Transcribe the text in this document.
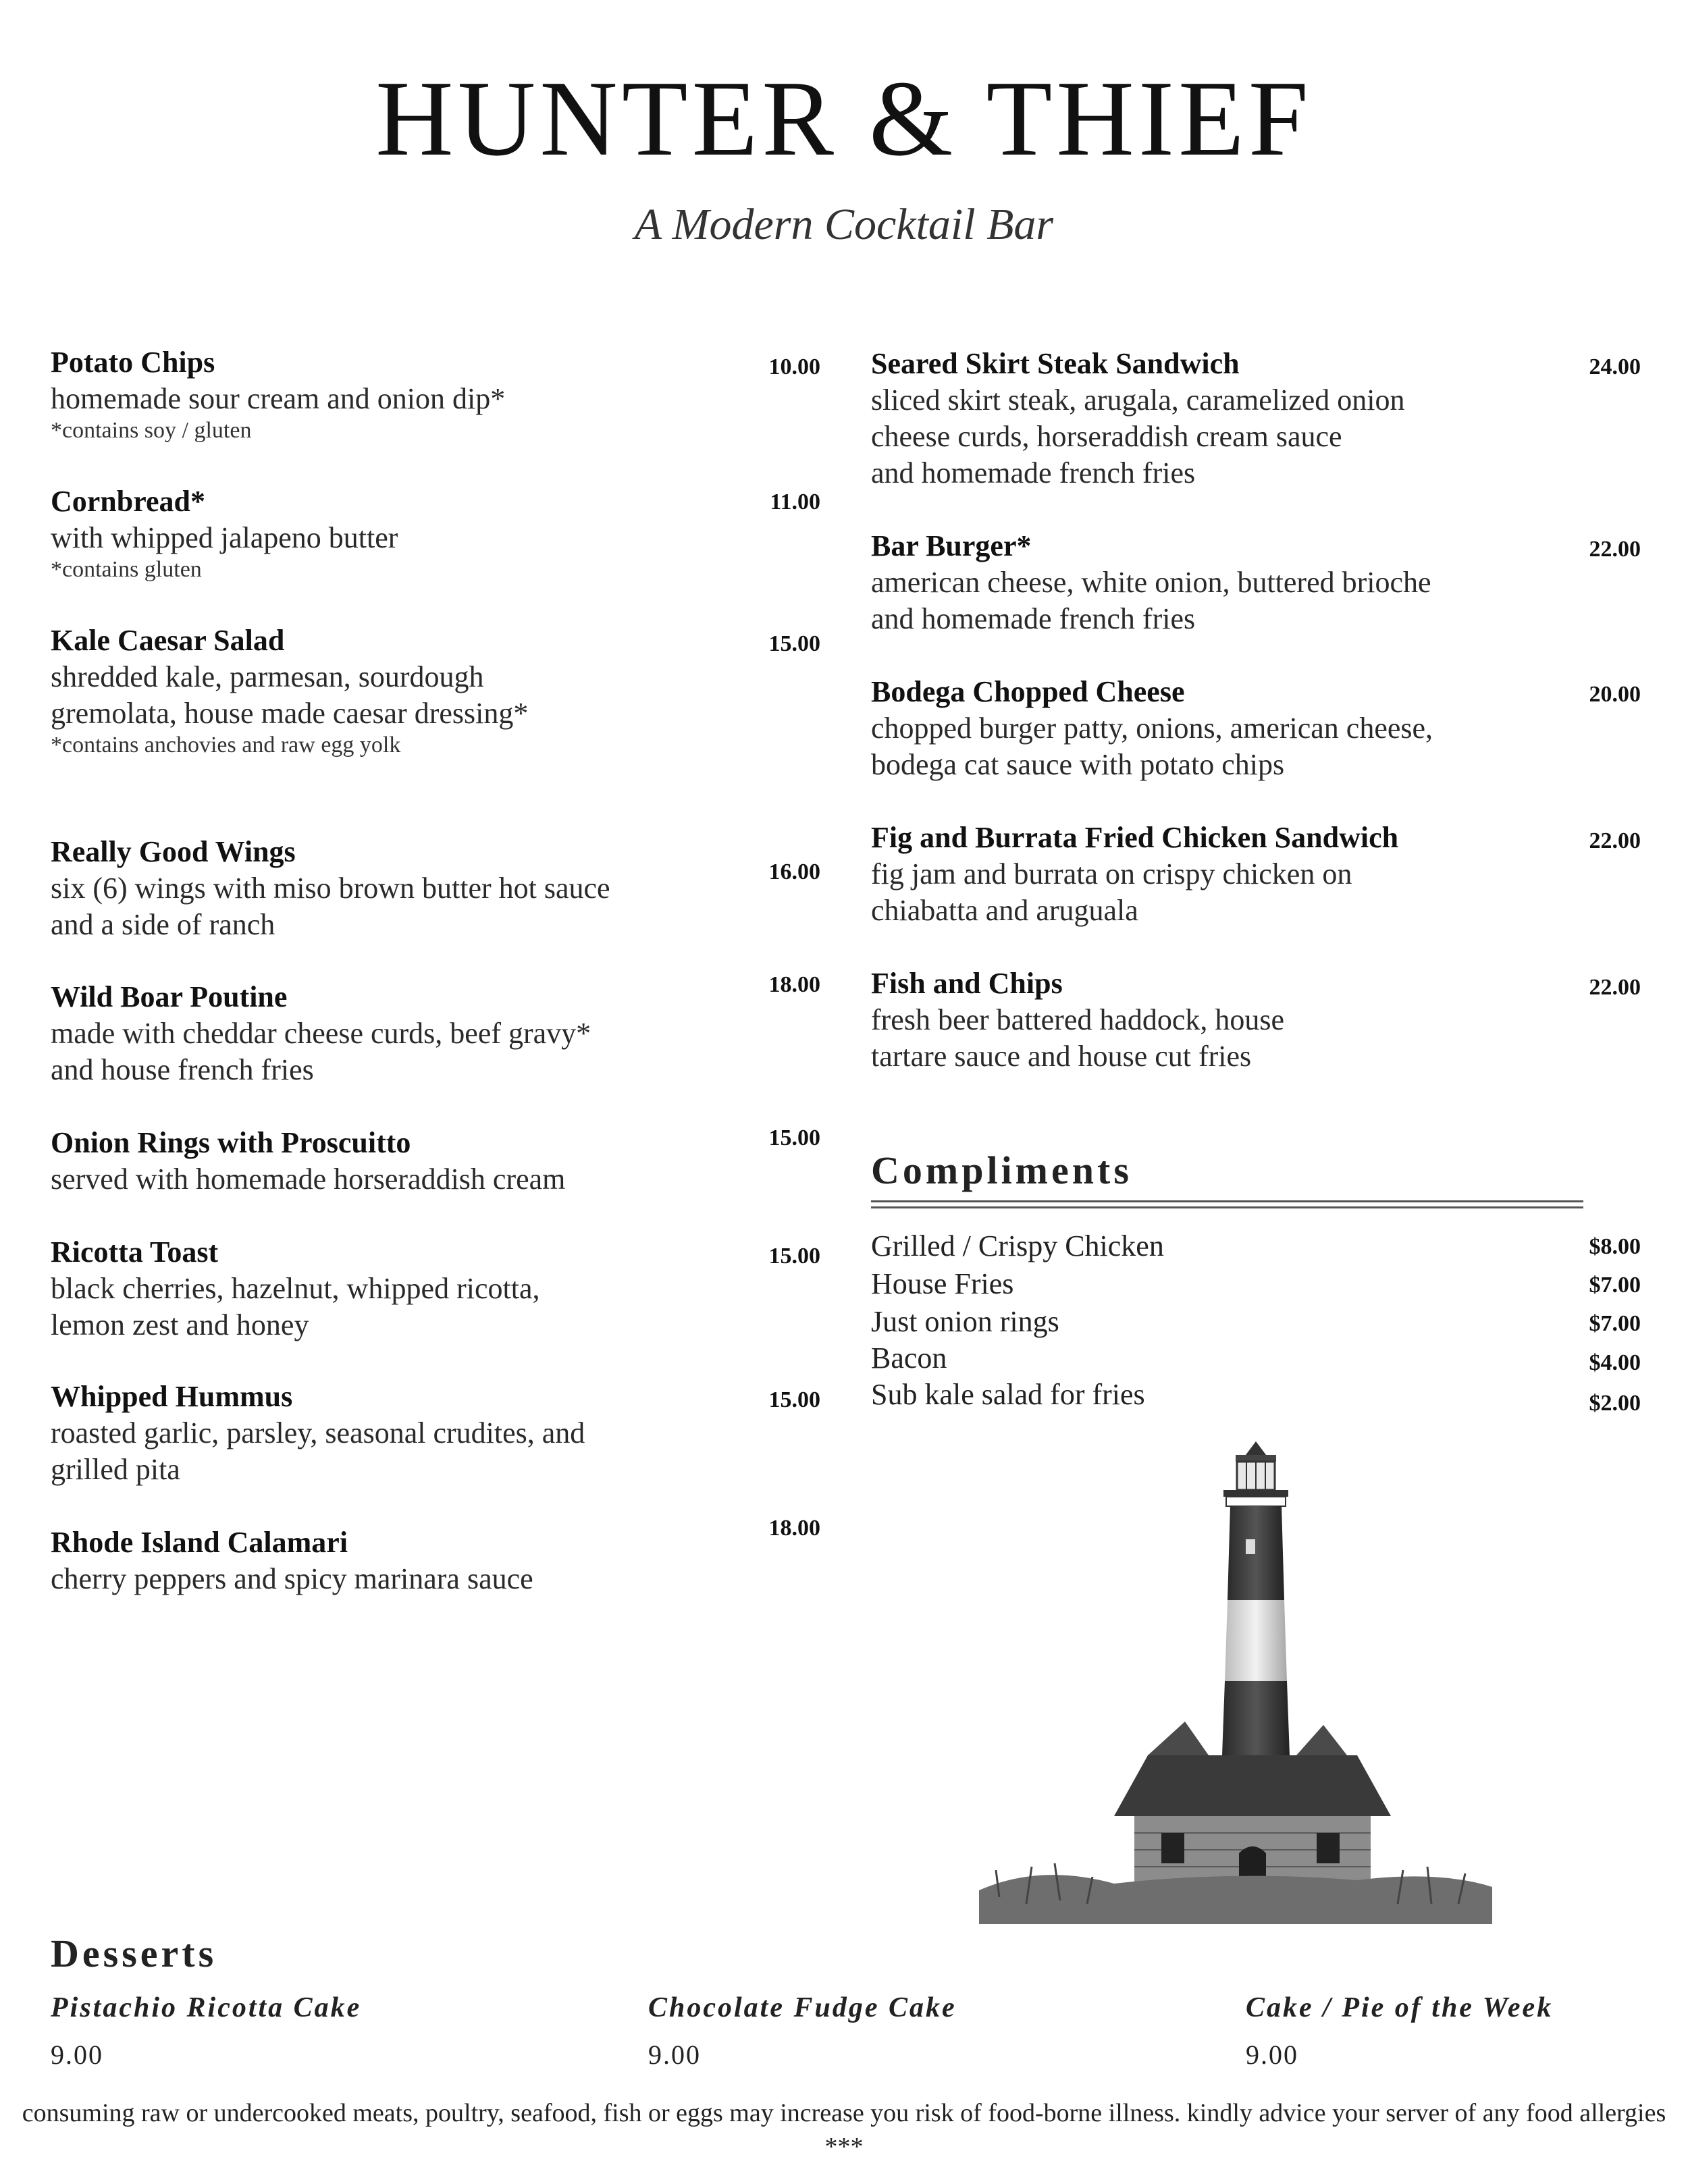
HUNTER & THIEF
A Modern Cocktail Bar
Potato Chips
homemade sour cream and onion dip*
*contains soy / gluten
10.00
Cornbread*
with whipped jalapeno butter
*contains gluten
11.00
Kale Caesar Salad
shredded kale, parmesan, sourdough
gremolata, house made caesar dressing*
*contains anchovies and raw egg yolk
15.00
Really Good Wings
six (6) wings with miso brown butter hot sauce
and a side of ranch
16.00
Wild Boar Poutine
made with cheddar cheese curds, beef gravy*
and house french fries
18.00
Onion Rings with Proscuitto
served with homemade horseraddish cream
15.00
Ricotta Toast
black cherries, hazelnut, whipped ricotta,
lemon zest and honey
15.00
Whipped Hummus
roasted garlic, parsley, seasonal crudites, and
grilled pita
15.00
Rhode Island Calamari
cherry peppers and spicy marinara sauce
18.00
Seared Skirt Steak Sandwich
sliced skirt steak, arugala, caramelized onion
cheese curds, horseraddish cream sauce
and homemade french fries
24.00
Bar Burger*
american cheese, white onion, buttered brioche
and homemade french fries
22.00
Bodega Chopped Cheese
chopped burger patty, onions, american cheese,
bodega cat sauce with potato chips
20.00
Fig and Burrata Fried Chicken Sandwich
fig jam and burrata on crispy chicken on
chiabatta and aruguala
22.00
Fish and Chips
fresh beer battered haddock, house
tartare sauce and house cut fries
22.00
Compliments
Grilled / Crispy Chicken	$8.00
House Fries	$7.00
Just onion rings	$7.00
Bacon	$4.00
Sub kale salad for fries	$2.00
Desserts
Pistachio Ricotta Cake
9.00
Chocolate Fudge Cake
9.00
Cake / Pie of the Week
9.00
consuming raw or undercooked meats, poultry, seafood, fish or eggs may increase you risk of food-borne illness. kindly advice your server of any food allergies ***
